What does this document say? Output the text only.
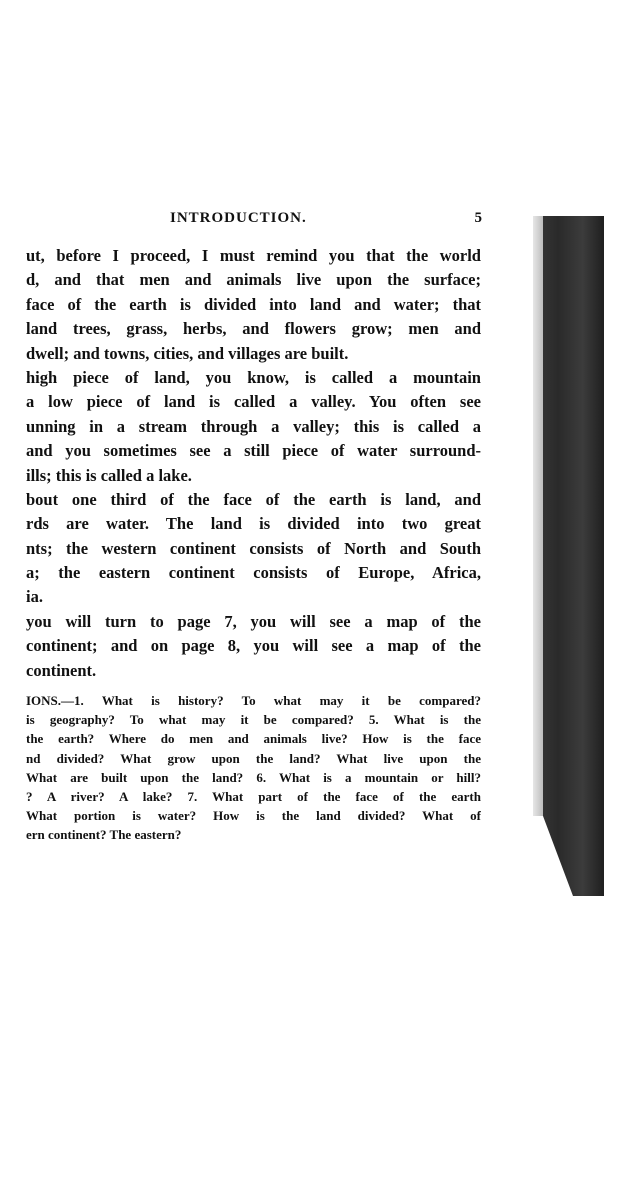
INTRODUCTION.	5
ut, before I proceed, I must remind you that the world
d, and that men and animals live upon the surface;
face of the earth is divided into land and water; that
land trees, grass, herbs, and flowers grow; men and
dwell; and towns, cities, and villages are built.
high piece of land, you know, is called a mountain
a low piece of land is called a valley. You often see
unning in a stream through a valley; this is called a
and you sometimes see a still piece of water surround-
ills; this is called a lake.
bout one third of the face of the earth is land, and
rds are water. The land is divided into two great
nts; the western continent consists of North and South
a; the eastern continent consists of Europe, Africa,
ia.
you will turn to page 7, you will see a map of the
continent; and on page 8, you will see a map of the
continent.
IONS.—1. What is history? To what may it be compared?
is geography? To what may it be compared? 5. What is the
the earth? Where do men and animals live? How is the face
nd divided? What grow upon the land? What live upon the
What are built upon the land? 6. What is a mountain or hill?
? A river? A lake? 7. What part of the face of the earth
What portion is water? How is the land divided? What of
ern continent? The eastern?
